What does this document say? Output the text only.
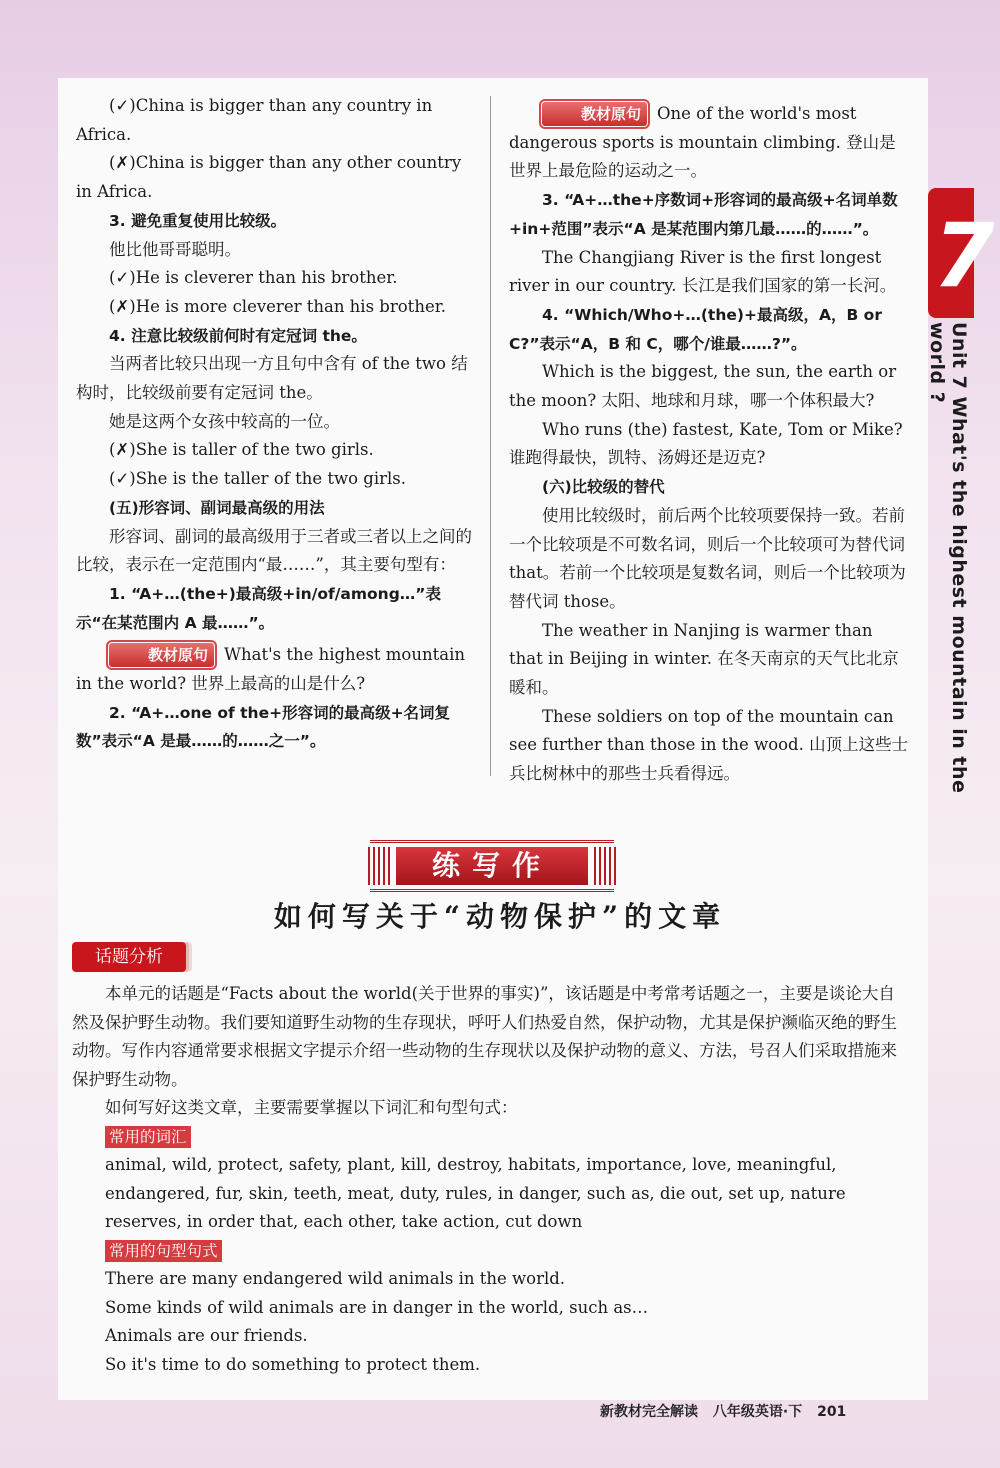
7
Unit 7 What's the highest mountain in the world ?

(✓)China is bigger than any country in Africa.

(✗)China is bigger than any other country in Africa.

3. 避免重复使用比较级。

他比他哥哥聪明。

(✓)He is cleverer than his brother.

(✗)He is more cleverer than his brother.

4. 注意比较级前何时有定冠词 the。

当两者比较只出现一方且句中含有 of the two 结构时，比较级前要有定冠词 the。

她是这两个女孩中较高的一位。

(✗)She is taller of the two girls.

(✓)She is the taller of the two girls.

(五)形容词、副词最高级的用法

形容词、副词的最高级用于三者或三者以上之间的比较，表示在一定范围内“最……”，其主要句型有：

1. “A+…(the+)最高级+in/of/among…”表示“在某范围内 A 最……”。

教材原句 What's the highest mountain in the world? 世界上最高的山是什么?

2. “A+…one of the+形容词的最高级+名词复数”表示“A 是最……的……之一”。

教材原句 One of the world's most dangerous sports is mountain climbing. 登山是世界上最危险的运动之一。

3. “A+…the+序数词+形容词的最高级+名词单数+in+范围”表示“A 是某范围内第几最……的……”。

The Changjiang River is the first longest river in our country. 长江是我们国家的第一长河。

4. “Which/Who+…(the)+最高级，A，B or C?”表示“A，B 和 C，哪个/谁最……?”。

Which is the biggest, the sun, the earth or the moon? 太阳、地球和月球，哪一个体积最大?

Who runs (the) fastest, Kate, Tom or Mike? 谁跑得最快，凯特、汤姆还是迈克?

(六)比较级的替代

使用比较级时，前后两个比较项要保持一致。若前一个比较项是不可数名词，则后一个比较项可为替代词 that。若前一个比较项是复数名词，则后一个比较项为替代词 those。

The weather in Nanjing is warmer than that in Beijing in winter. 在冬天南京的天气比北京暖和。

These soldiers on top of the mountain can see further than those in the wood. 山顶上这些士兵比树林中的那些士兵看得远。

练写作
如何写关于“动物保护”的文章
话题分析

本单元的话题是“Facts about the world(关于世界的事实)”，该话题是中考常考话题之一，主要是谈论大自然及保护野生动物。我们要知道野生动物的生存现状，呼吁人们热爱自然，保护动物，尤其是保护濒临灭绝的野生动物。写作内容通常要求根据文字提示介绍一些动物的生存现状以及保护动物的意义、方法，号召人们采取措施来保护野生动物。

如何写好这类文章，主要需要掌握以下词汇和句型句式：

常用的词汇

animal, wild, protect, safety, plant, kill, destroy, habitats, importance, love, meaningful, endangered, fur, skin, teeth, meat, duty, rules, in danger, such as, die out, set up, nature reserves, in order that, each other, take action, cut down

常用的句型句式

There are many endangered wild animals in the world.

Some kinds of wild animals are in danger in the world, such as…

Animals are our friends.

So it's time to do something to protect them.

新教材完全解读 八年级英语·下 201
